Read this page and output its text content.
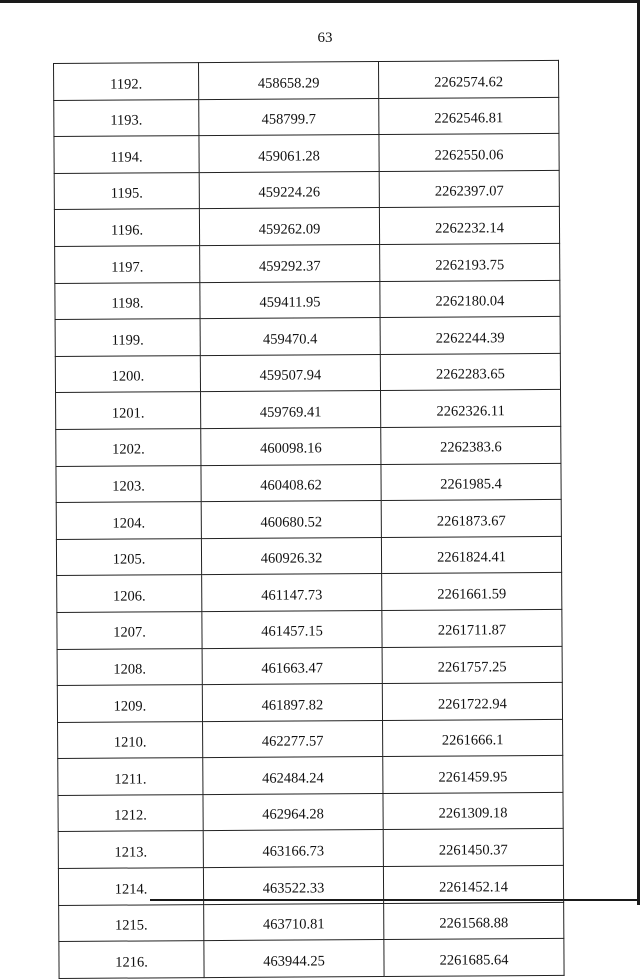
63
1192.	458658.29	2262574.62
1193.	458799.7	2262546.81
1194.	459061.28	2262550.06
1195.	459224.26	2262397.07
1196.	459262.09	2262232.14
1197.	459292.37	2262193.75
1198.	459411.95	2262180.04
1199.	459470.4	2262244.39
1200.	459507.94	2262283.65
1201.	459769.41	2262326.11
1202.	460098.16	2262383.6
1203.	460408.62	2261985.4
1204.	460680.52	2261873.67
1205.	460926.32	2261824.41
1206.	461147.73	2261661.59
1207.	461457.15	2261711.87
1208.	461663.47	2261757.25
1209.	461897.82	2261722.94
1210.	462277.57	2261666.1
1211.	462484.24	2261459.95
1212.	462964.28	2261309.18
1213.	463166.73	2261450.37
1214.	463522.33	2261452.14
1215.	463710.81	2261568.88
1216.	463944.25	2261685.64
